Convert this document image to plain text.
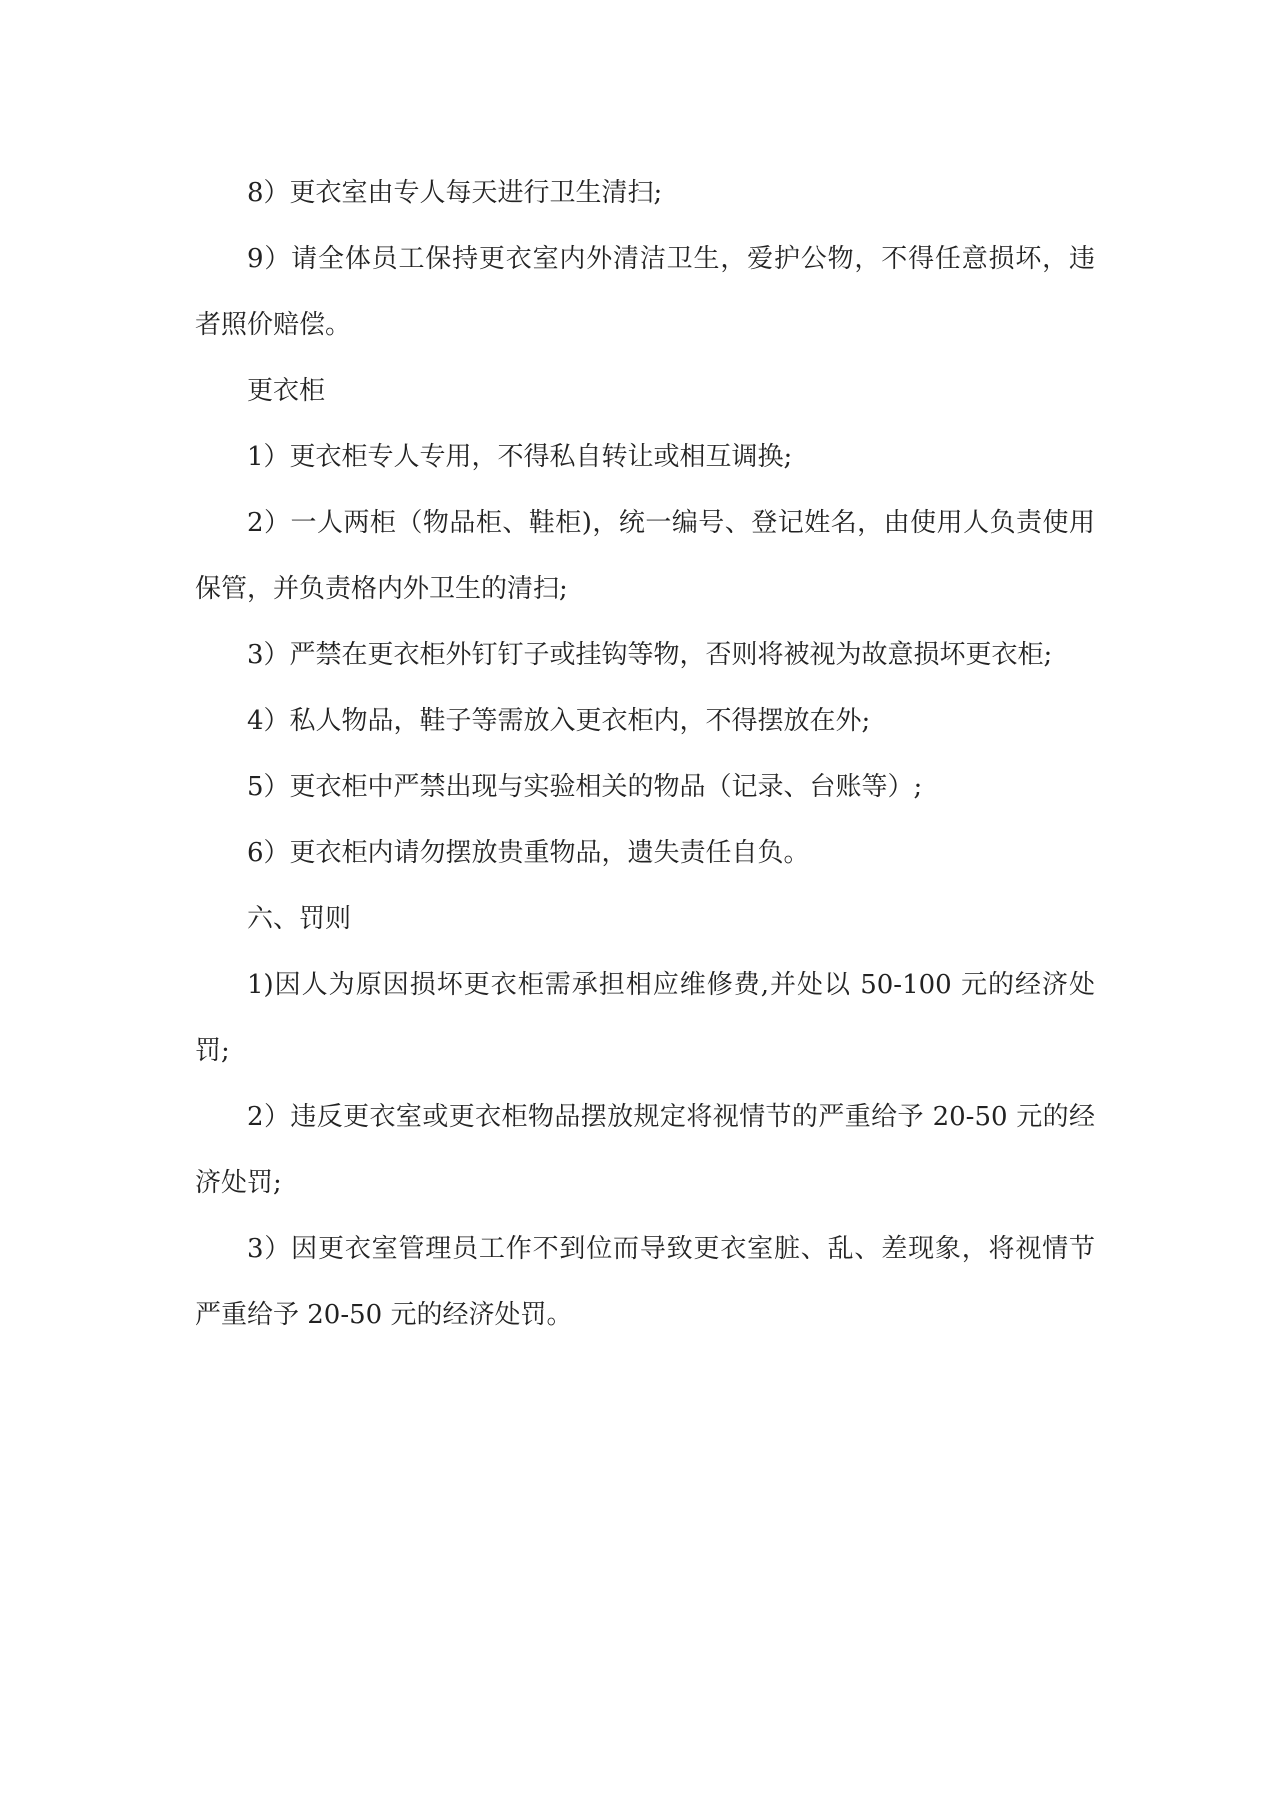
8）更衣室由专人每天进行卫生清扫;

9）请全体员工保持更衣室内外清洁卫生，爱护公物，不得任意损坏，违者照价赔偿。

更衣柜

1）更衣柜专人专用，不得私自转让或相互调换;

2）一人两柜（物品柜、鞋柜)，统一编号、登记姓名，由使用人负责使用保管，并负责格内外卫生的清扫;

3）严禁在更衣柜外钉钉子或挂钩等物，否则将被视为故意损坏更衣柜;

4）私人物品，鞋子等需放入更衣柜内，不得摆放在外;

5）更衣柜中严禁出现与实验相关的物品（记录、台账等）;

6）更衣柜内请勿摆放贵重物品，遗失责任自负。

六、罚则

1)因人为原因损坏更衣柜需承担相应维修费,并处以 50-100 元的经济处罚;

2）违反更衣室或更衣柜物品摆放规定将视情节的严重给予 20-50 元的经济处罚;

3）因更衣室管理员工作不到位而导致更衣室脏、乱、差现象，将视情节严重给予 20-50 元的经济处罚。
